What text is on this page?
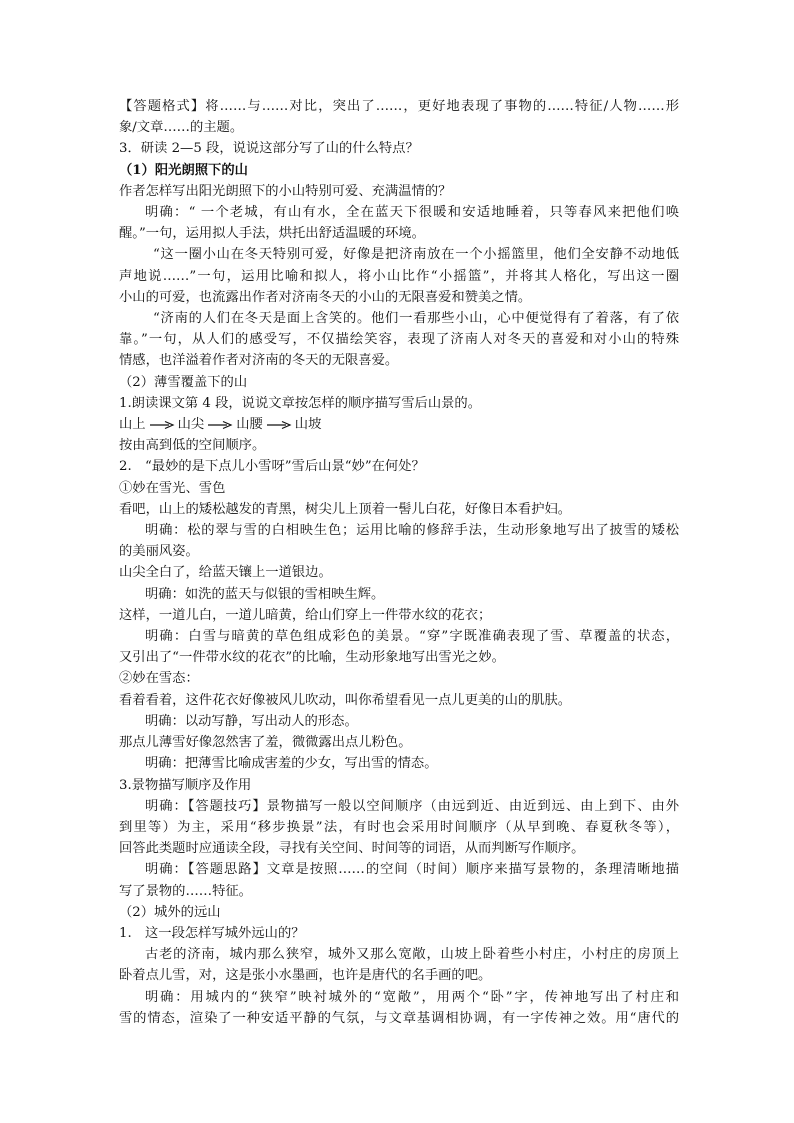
【答题格式】将……与……对比，突出了……，更好地表现了事物的……特征/人物……形

象/文章……的主题。

3．研读 2—5 段，说说这部分写了山的什么特点？

（1）阳光朗照下的山

作者怎样写出阳光朗照下的小山特别可爱、充满温情的？

明确：“ 一个老城，有山有水，全在蓝天下很暖和安适地睡着，只等春风来把他们唤

醒。”一句，运用拟人手法，烘托出舒适温暖的环境。

“这一圈小山在冬天特别可爱，好像是把济南放在一个小摇篮里，他们全安静不动地低

声地说……”一句，运用比喻和拟人，将小山比作“小摇篮”，并将其人格化，写出这一圈

小山的可爱，也流露出作者对济南冬天的小山的无限喜爱和赞美之情。

“济南的人们在冬天是面上含笑的。他们一看那些小山，心中便觉得有了着落，有了依

靠。”一句，从人们的感受写，不仅描绘笑容，表现了济南人对冬天的喜爱和对小山的特殊

情感，也洋溢着作者对济南的冬天的无限喜爱。

（2）薄雪覆盖下的山

1.朗读课文第 4 段，说说文章按怎样的顺序描写雪后山景的。

山上 山尖 山腰 山坡

按由高到低的空间顺序。

2.　“最妙的是下点儿小雪呀”雪后山景“妙”在何处？

①妙在雪光、雪色

看吧，山上的矮松越发的青黑，树尖儿上顶着一髻儿白花，好像日本看护妇。

明确：松的翠与雪的白相映生色；运用比喻的修辞手法，生动形象地写出了披雪的矮松

的美丽风姿。

山尖全白了，给蓝天镶上一道银边。

明确：如洗的蓝天与似银的雪相映生辉。

这样，一道儿白，一道儿暗黄，给山们穿上一件带水纹的花衣；

明确：白雪与暗黄的草色组成彩色的美景。“穿”字既准确表现了雪、草覆盖的状态，

又引出了“一件带水纹的花衣”的比喻，生动形象地写出雪光之妙。

②妙在雪态：

看着看着，这件花衣好像被风儿吹动，叫你希望看见一点儿更美的山的肌肤。

明确：以动写静，写出动人的形态。

那点儿薄雪好像忽然害了羞，微微露出点儿粉色。

明确：把薄雪比喻成害羞的少女，写出雪的情态。

3.景物描写顺序及作用

明确：【答题技巧】景物描写一般以空间顺序（由远到近、由近到远、由上到下、由外

到里等）为主，采用“移步换景”法，有时也会采用时间顺序（从早到晚、春夏秋冬等），

回答此类题时应通读全段，寻找有关空间、时间等的词语，从而判断写作顺序。

明确：【答题思路】文章是按照……的空间（时间）顺序来描写景物的，条理清晰地描

写了景物的……特征。

（2）城外的远山

1.　这一段怎样写城外远山的？

古老的济南，城内那么狭窄，城外又那么宽敞，山坡上卧着些小村庄，小村庄的房顶上

卧着点儿雪，对，这是张小水墨画，也许是唐代的名手画的吧。

明确：用城内的“狭窄”映衬城外的“宽敞”，用两个“卧”字，传神地写出了村庄和

雪的情态，渲染了一种安适平静的气氛，与文章基调相协调，有一字传神之效。用“唐代的
